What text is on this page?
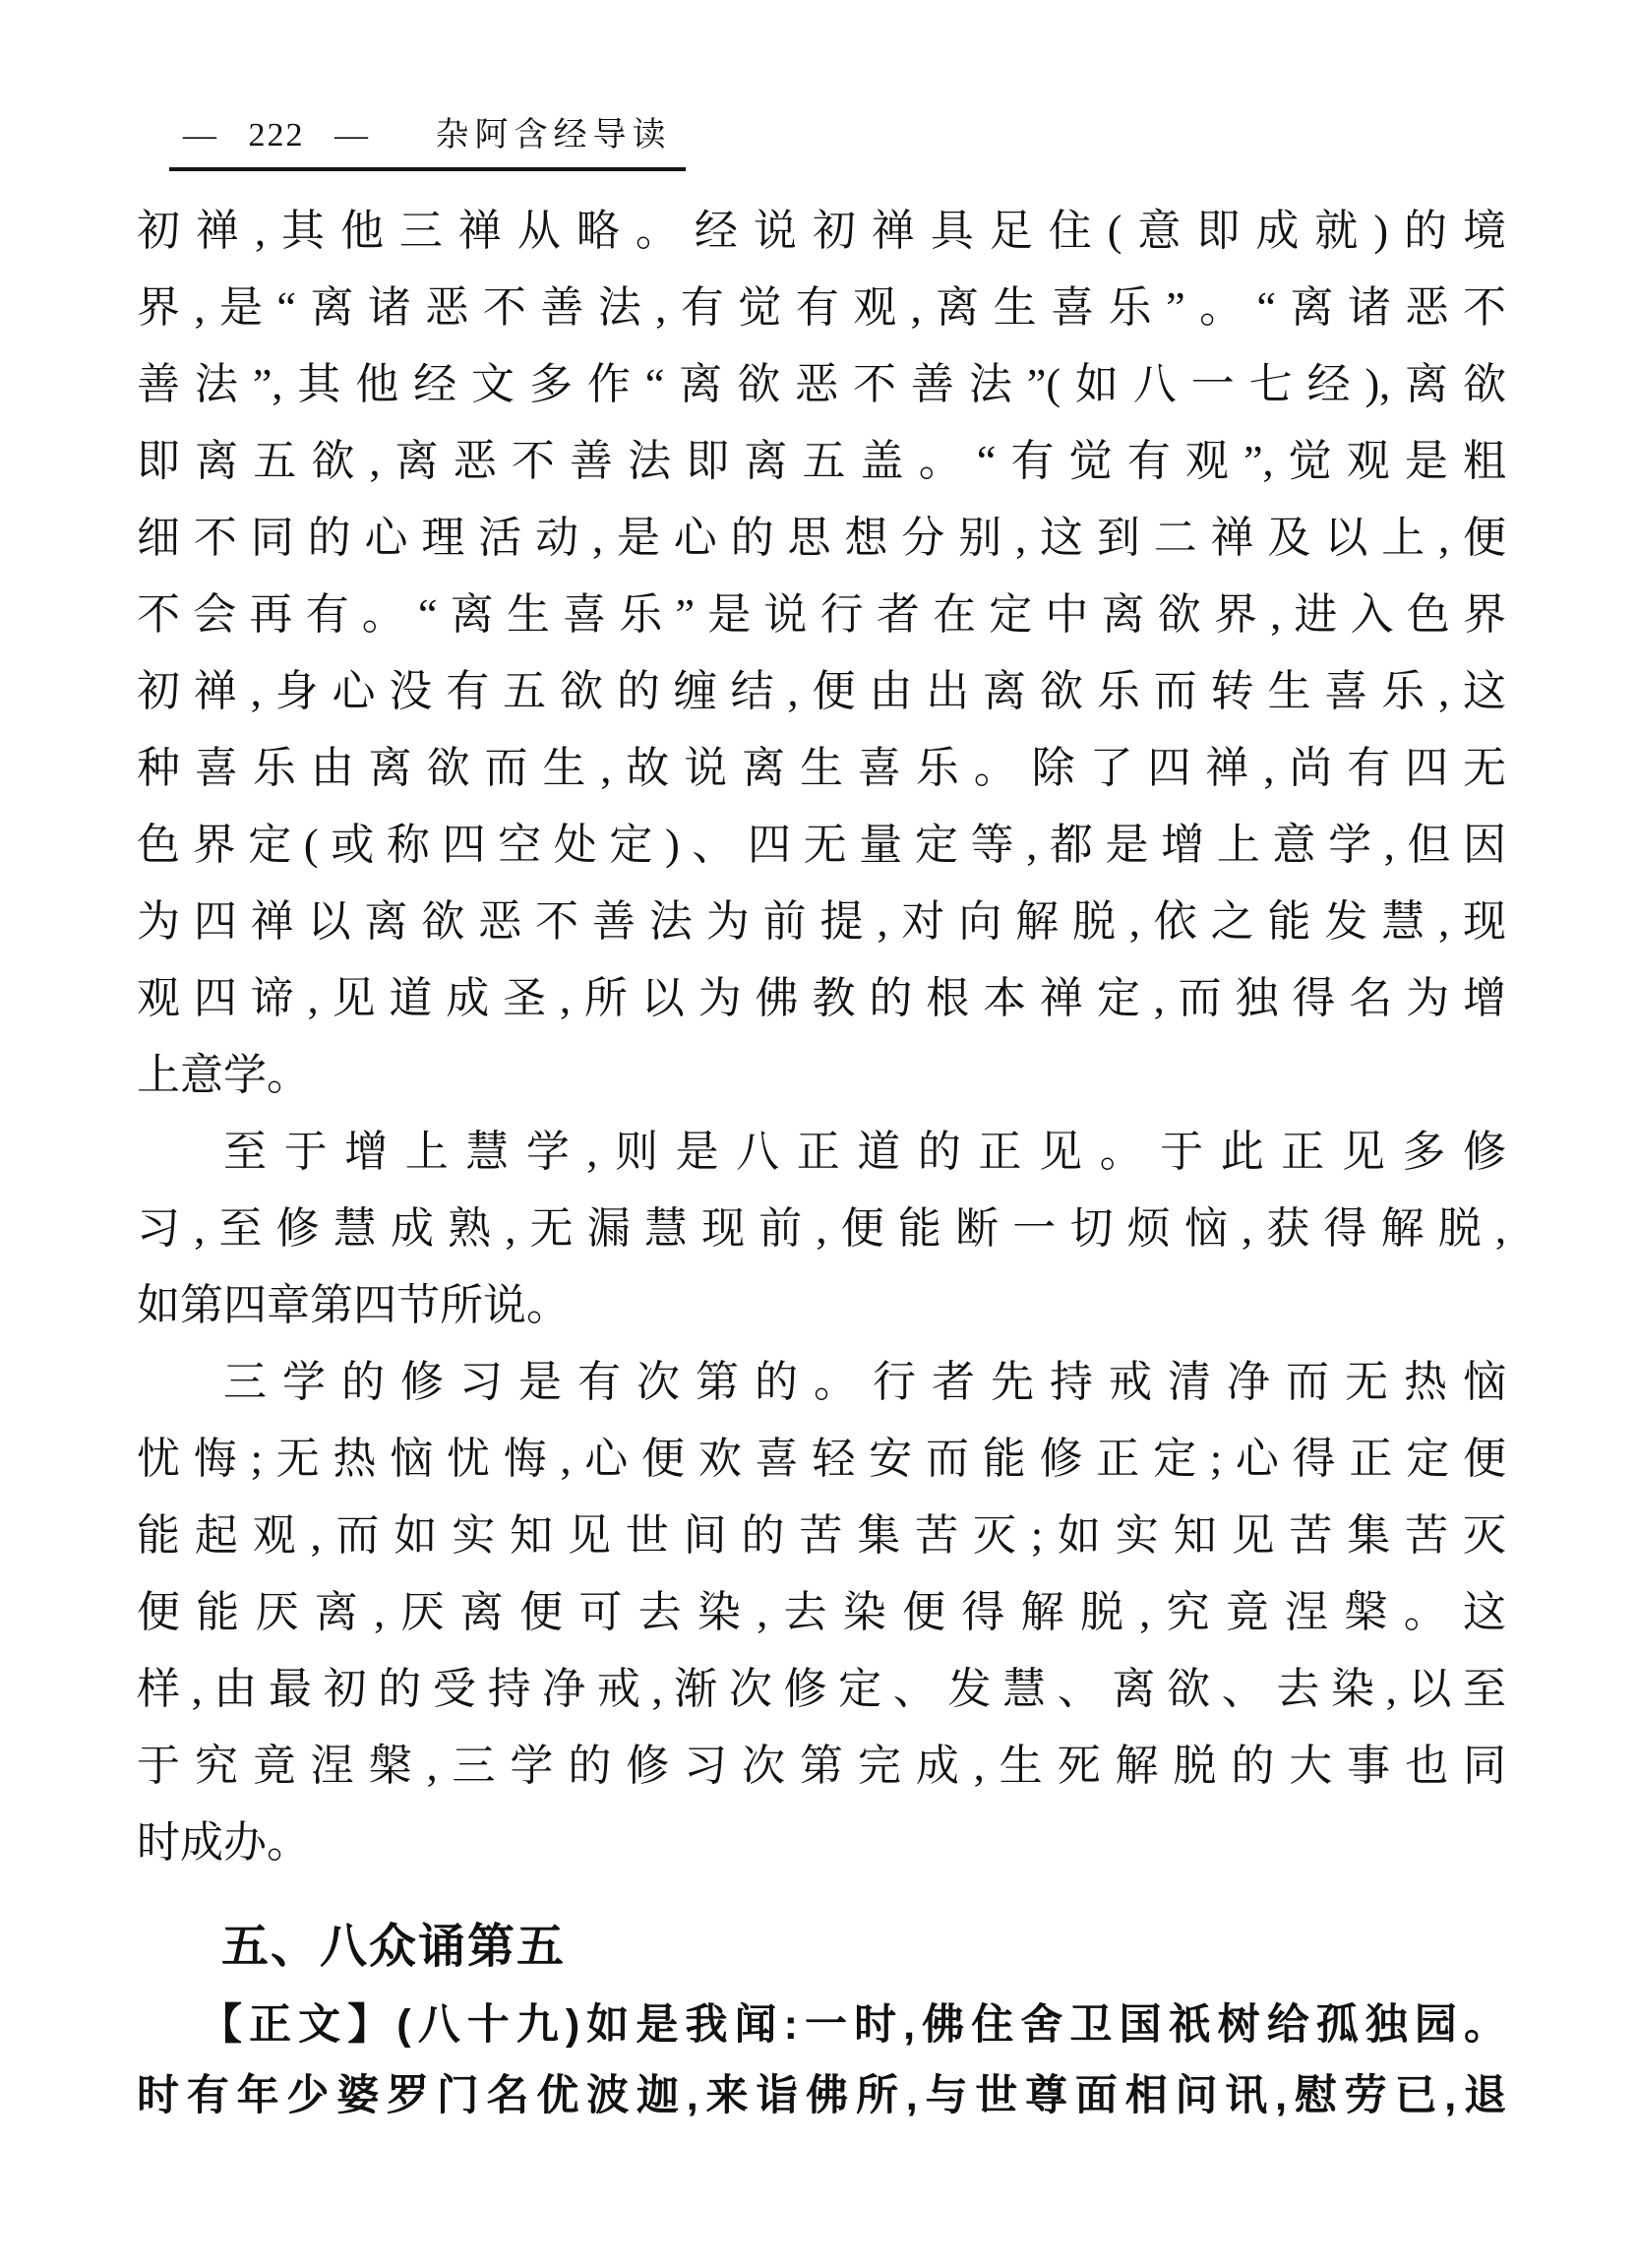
— 222 — 杂阿含经导读
初禅,其他三禅从略。经说初禅具足住(意即成就)的境
界,是“离诸恶不善法,有觉有观,离生喜乐”。“离诸恶不
善法”,其他经文多作“离欲恶不善法”(如八一七经),离欲
即离五欲,离恶不善法即离五盖。“有觉有观”,觉观是粗
细不同的心理活动,是心的思想分别,这到二禅及以上,便
不会再有。“离生喜乐”是说行者在定中离欲界,进入色界
初禅,身心没有五欲的缠结,便由出离欲乐而转生喜乐,这
种喜乐由离欲而生,故说离生喜乐。除了四禅,尚有四无
色界定(或称四空处定)、四无量定等,都是增上意学,但因
为四禅以离欲恶不善法为前提,对向解脱,依之能发慧,现
观四谛,见道成圣,所以为佛教的根本禅定,而独得名为增
上意学。
至于增上慧学,则是八正道的正见。于此正见多修
习,至修慧成熟,无漏慧现前,便能断一切烦恼,获得解脱,
如第四章第四节所说。
三学的修习是有次第的。行者先持戒清净而无热恼
忧悔;无热恼忧悔,心便欢喜轻安而能修正定;心得正定便
能起观,而如实知见世间的苦集苦灭;如实知见苦集苦灭
便能厌离,厌离便可去染,去染便得解脱,究竟涅槃。这
样,由最初的受持净戒,渐次修定、发慧、离欲、去染,以至
于究竟涅槃,三学的修习次第完成,生死解脱的大事也同
时成办。
五、八众诵第五
【正文】(八十九)如是我闻:一时,佛住舍卫国祇树给孤独园。
时有年少婆罗门名优波迦,来诣佛所,与世尊面相问讯,慰劳已,退
